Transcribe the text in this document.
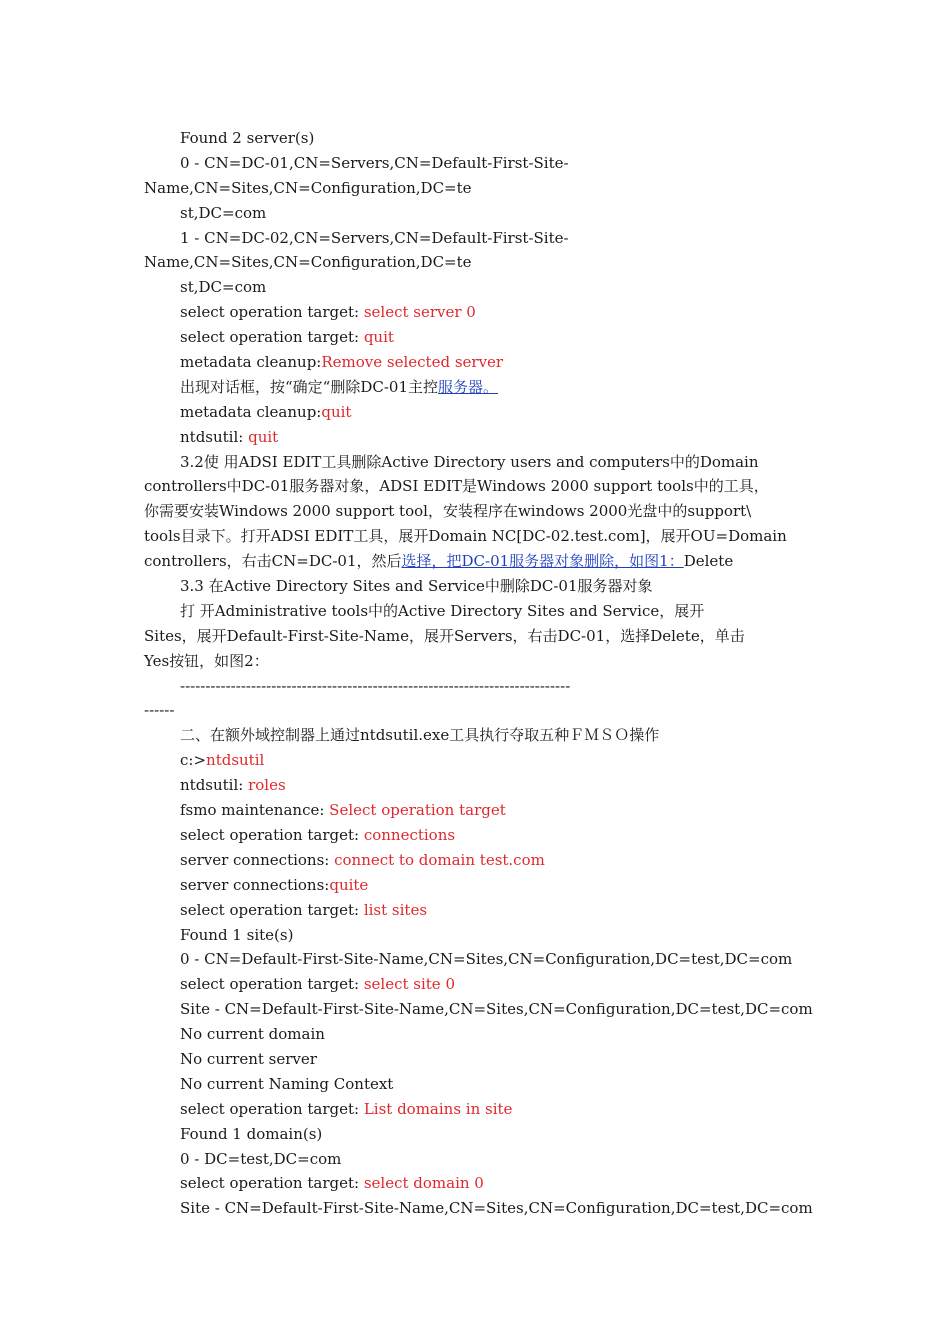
Found 2 server(s)
0 - CN=DC-01,CN=Servers,CN=Default-First-Site-
Name,CN=Sites,CN=Configuration,DC=te
st,DC=com
1 - CN=DC-02,CN=Servers,CN=Default-First-Site-
Name,CN=Sites,CN=Configuration,DC=te
st,DC=com
select operation target: select server 0
select operation target: quit
metadata cleanup:Remove selected server
出现对话框，按“确定“删除DC-01主控服务器。
metadata cleanup:quit
ntdsutil: quit
3.2使 用ADSI EDIT工具删除Active Directory users and computers中的Domain
controllers中DC-01服务器对象，ADSI EDIT是Windows 2000 support tools中的工具，
你需要安装Windows 2000 support tool，安装程序在windows 2000光盘中的support\
tools目录下。打开ADSI EDIT工具，展开Domain NC[DC-02.test.com]，展开OU=Domain
controllers，右击CN=DC-01，然后选择，把DC-01服务器对象删除，如图1：Delete
3.3 在Active Directory Sites and Service中删除DC-01服务器对象
打 开Administrative tools中的Active Directory Sites and Service，展开
Sites，展开Default-First-Site-Name，展开Servers，右击DC-01，选择Delete，单击
Yes按钮，如图2：
-----------------------------------------------------------------------------
------
二、在额外域控制器上通过ntdsutil.exe工具执行夺取五种ＦＭＳＯ操作
c:>ntdsutil
ntdsutil: roles
fsmo maintenance: Select operation target
select operation target: connections
server connections: connect to domain test.com
server connections:quite
select operation target: list sites
Found 1 site(s)
0 - CN=Default-First-Site-Name,CN=Sites,CN=Configuration,DC=test,DC=com
select operation target: select site 0
Site - CN=Default-First-Site-Name,CN=Sites,CN=Configuration,DC=test,DC=com
No current domain
No current server
No current Naming Context
select operation target: List domains in site
Found 1 domain(s)
0 - DC=test,DC=com
select operation target: select domain 0
Site - CN=Default-First-Site-Name,CN=Sites,CN=Configuration,DC=test,DC=com
